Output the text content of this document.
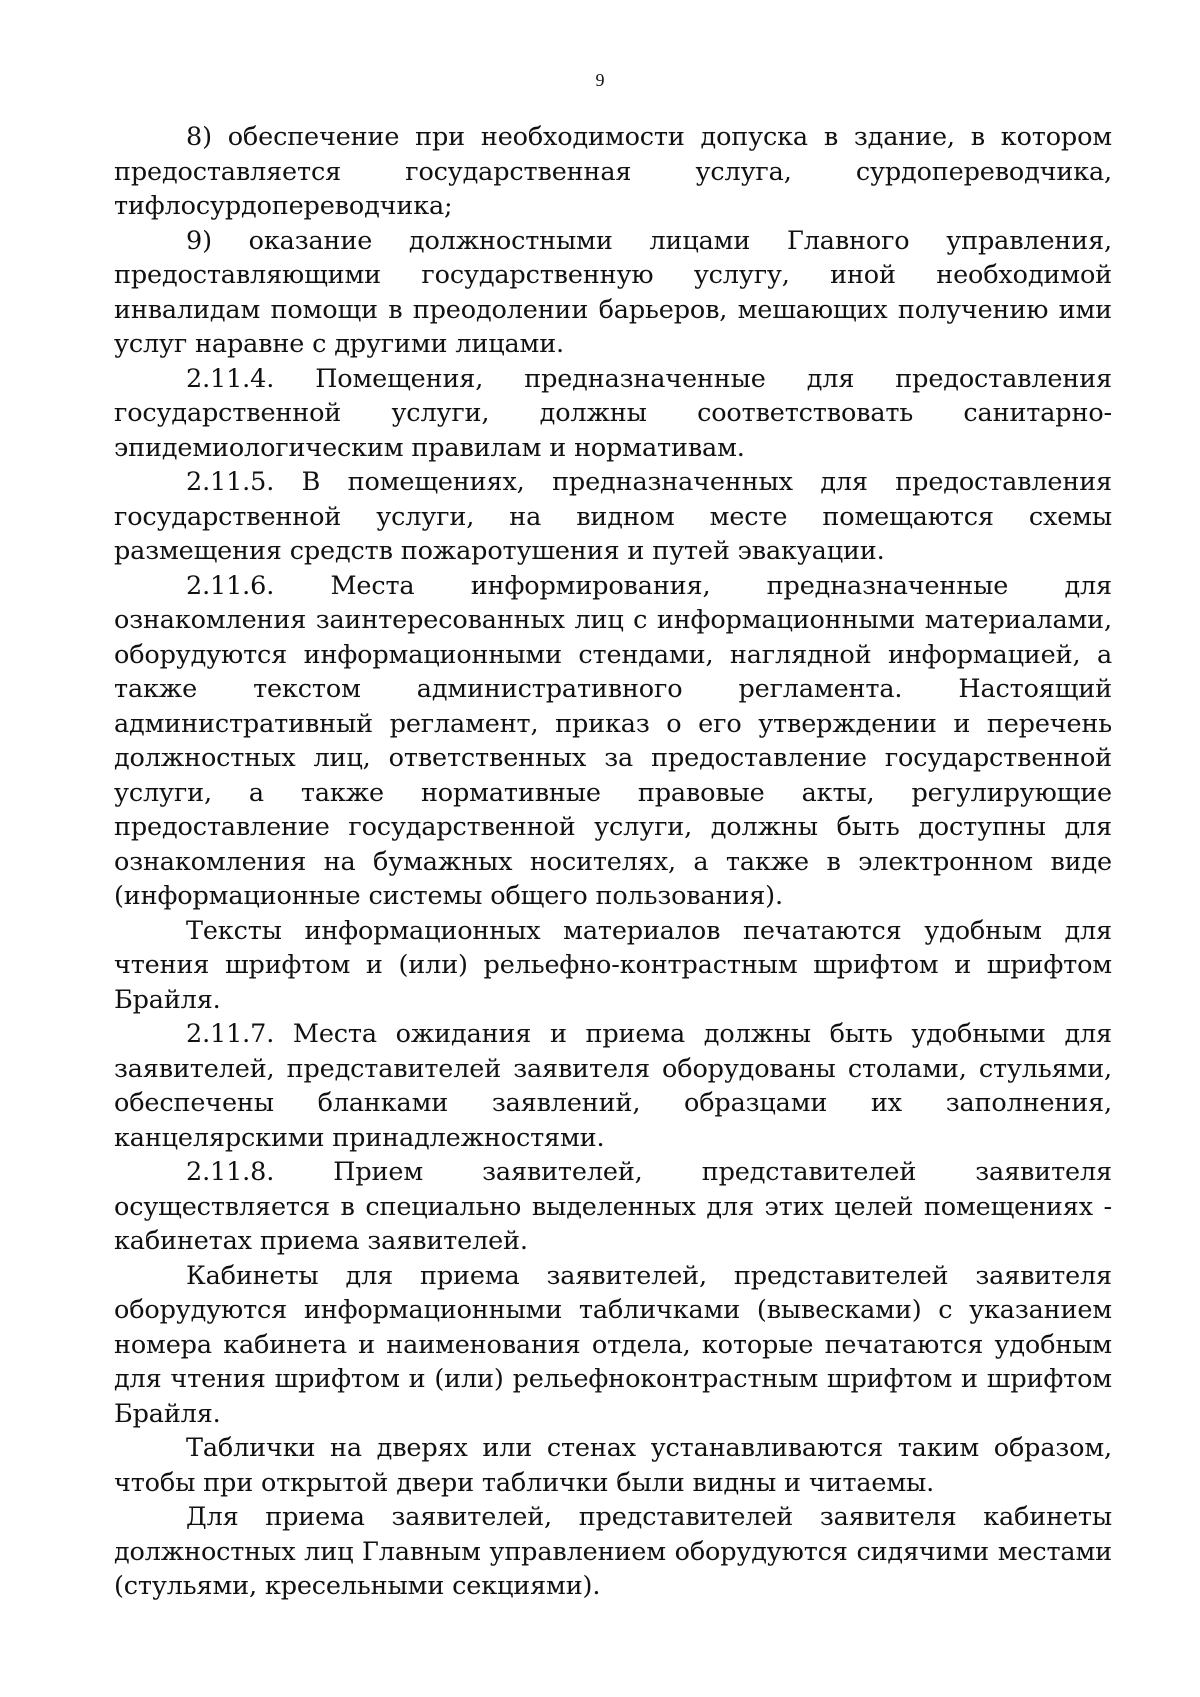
9

8) обеспечение при необходимости допуска в здание, в котором предоставляется государственная услуга, сурдопереводчика, тифлосурдопереводчика;

9) оказание должностными лицами Главного управления, предоставляющими государственную услугу, иной необходимой инвалидам помощи в преодолении барьеров, мешающих получению ими услуг наравне с другими лицами.

2.11.4. Помещения, предназначенные для предоставления государственной услуги, должны соответствовать санитарно-эпидемиологическим правилам и нормативам.

2.11.5. В помещениях, предназначенных для предоставления государственной услуги, на видном месте помещаются схемы размещения средств пожаротушения и путей эвакуации.

2.11.6. Места информирования, предназначенные для ознакомления заинтересованных лиц с информационными материалами, оборудуются информационными стендами, наглядной информацией, а также текстом административного регламента. Настоящий административный регламент, приказ о его утверждении и перечень должностных лиц, ответственных за предоставление государственной услуги, а также нормативные правовые акты, регулирующие предоставление государственной услуги, должны быть доступны для ознакомления на бумажных носителях, а также в электронном виде (информационные системы общего пользования).

Тексты информационных материалов печатаются удобным для чтения шрифтом и (или) рельефно-контрастным шрифтом и шрифтом Брайля.

2.11.7. Места ожидания и приема должны быть удобными для заявителей, представителей заявителя оборудованы столами, стульями, обеспечены бланками заявлений, образцами их заполнения, канцелярскими принадлежностями.

2.11.8. Прием заявителей, представителей заявителя осуществляется в специально выделенных для этих целей помещениях - кабинетах приема заявителей.

Кабинеты для приема заявителей, представителей заявителя оборудуются информационными табличками (вывесками) с указанием номера кабинета и наименования отдела, которые печатаются удобным для чтения шрифтом и (или) рельефноконтрастным шрифтом и шрифтом Брайля.

Таблички на дверях или стенах устанавливаются таким образом, чтобы при открытой двери таблички были видны и читаемы.

Для приема заявителей, представителей заявителя кабинеты должностных лиц Главным управлением оборудуются сидячими местами (стульями, кресельными секциями).
